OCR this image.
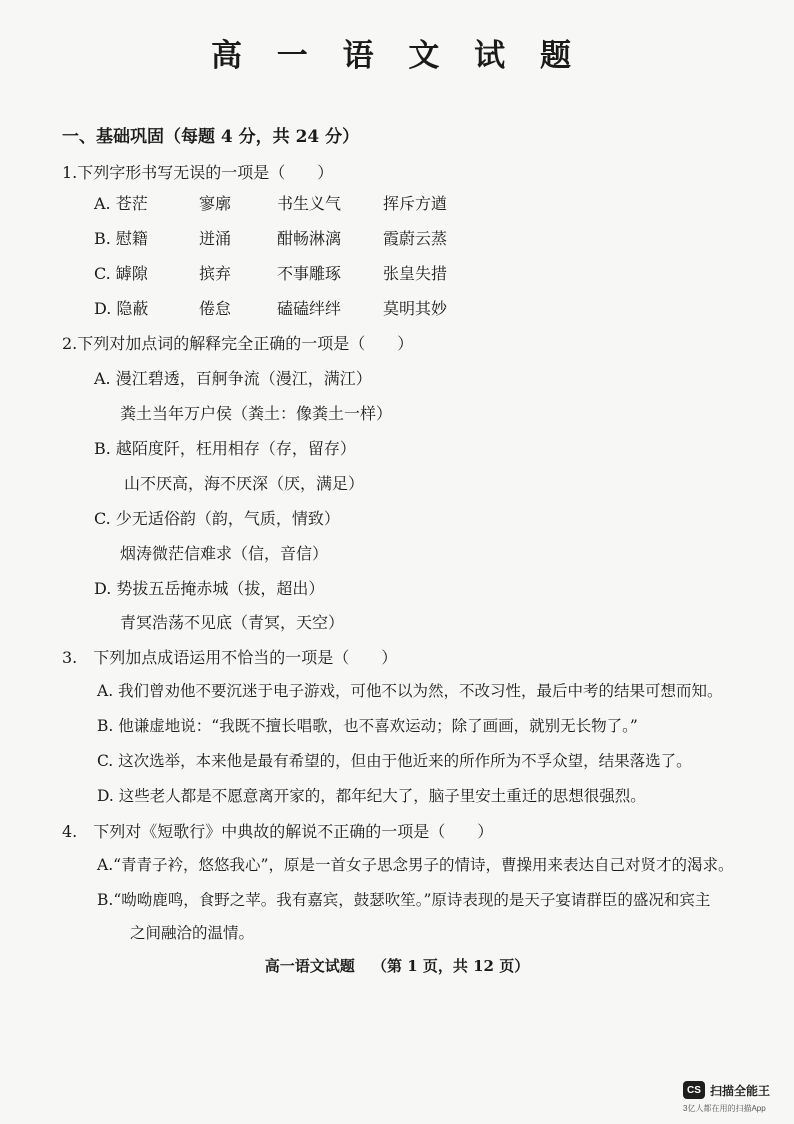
高 一 语 文 试 题
一、基础巩固（每题 4 分，共 24 分）
1.下列字形书写无误的一项是（　　）
A. 苍茫	寥廓	书生义气	挥斥方遒
B. 慰籍	迸涌	酣畅淋漓	霞蔚云蒸
C. 罅隙	摈弃	不事雕琢	张皇失措
D. 隐蔽	倦怠	磕磕绊绊	莫明其妙
2.下列对加点词的解释完全正确的一项是（　　）
A. 漫江碧透，百舸争流（漫江，满江）
粪土当年万户侯（粪土：像粪土一样）
B. 越陌度阡，枉用相存（存，留存）
山不厌高，海不厌深（厌，满足）
C. 少无适俗韵（韵，气质，情致）
烟涛微茫信难求（信，音信）
D. 势拔五岳掩赤城（拔，超出）
青冥浩荡不见底（青冥，天空）
3.　下列加点成语运用不恰当的一项是（　　）
A. 我们曾劝他不要沉迷于电子游戏，可他不以为然，不改习性，最后中考的结果可想而知。
B. 他谦虚地说：“我既不擅长唱歌，也不喜欢运动；除了画画，就别无长物了。”
C. 这次选举，本来他是最有希望的，但由于他近来的所作所为不孚众望，结果落选了。
D. 这些老人都是不愿意离开家的，都年纪大了，脑子里安土重迁的思想很强烈。
4.　下列对《短歌行》中典故的解说不正确的一项是（　　）
A.“青青子衿，悠悠我心”，原是一首女子思念男子的情诗，曹操用来表达自己对贤才的渴求。
B.“呦呦鹿鸣，食野之苹。我有嘉宾，鼓瑟吹笙。”原诗表现的是天子宴请群臣的盛况和宾主
之间融洽的温情。
高一语文试题 （第 1 页，共 12 页）
CS 扫描全能王
3亿人都在用的扫描App
